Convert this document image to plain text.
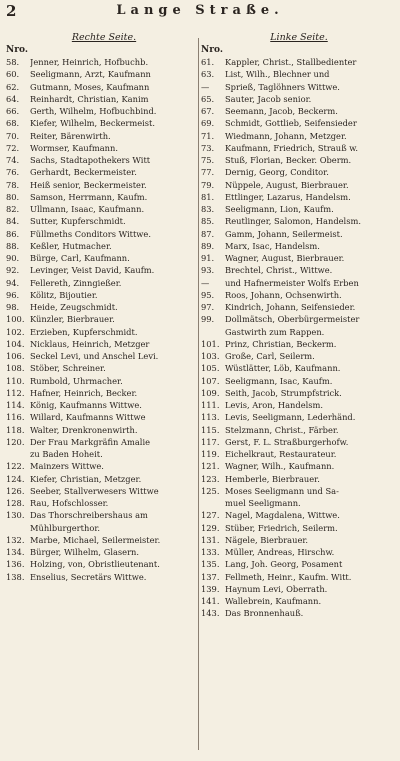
2	Lange Straße.
Rechte Seite.
Nro.
58.	Jenner, Heinrich, Hofbuchb.
60.	Seeligmann, Arzt, Kaufmann
62.	Gutmann, Moses, Kaufmann
64.	Reinhardt, Christian, Kanim
66.	Gerth, Wilhelm, Hofbuchbind.
68.	Kiefer, Wilhelm, Beckermeist.
70.	Reiter, Bärenwirth.
72.	Wormser, Kaufmann.
74.	Sachs, Stadtapothekers Witt
76.	Gerhardt, Beckermeister.
78.	Heiß senior, Beckermeister.
80.	Samson, Herrmann, Kaufm.
82.	Ullmann, Isaac, Kaufmann.
84.	Sutter, Kupferschmidt.
86.	Füllmeths Conditors Wittwe.
88.	Keßler, Hutmacher.
90.	Bürge, Carl, Kaufmann.
92.	Levinger, Veist David, Kaufm.
94.	Fellereth, Zinngießer.
96.	Kölitz, Bijoutier.
98.	Heide, Zeugschmidt.
100. Künzler, Bierbrauer.
102. Erzieben, Kupferschmidt.
104. Nicklaus, Heinrich, Metzger
106. Seckel Levi, und Anschel Levi.
108. Stöber, Schreiner.
110. Rumbold, Uhrmacher.
112. Hafner, Heinrich, Becker.
114. König, Kaufmanns Wittwe.
116. Willard, Kaufmanns Wittwe
118. Walter, Drenkronenwirth.
120. Der Frau Markgräfin Amalie
zu Baden Hoheit.
122. Mainzers Wittwe.
124. Kiefer, Christian, Metzger.
126. Seeber, Stallverwesers Wittwe
128. Rau, Hofschlosser.
130. Das Thorschreibershaus am
Mühlburgerthor.
132. Marbe, Michael, Seilermeister.
134. Bürger, Wilhelm, Glasern.
136. Holzing, von, Obristlieutenant.
138. Enselius, Secretärs Wittwe.
Linke Seite.
Nro.
61.	Kappler, Christ., Stallbedienter
63.	List, Wilh., Blechner und
—	Sprieß, Taglöhners Wittwe.
65.	Sauter, Jacob senior.
67.	Seemann, Jacob, Beckerm.
69.	Schmidt, Gottlieb, Seifensieder
71.	Wiedmann, Johann, Metzger.
73.	Kaufmann, Friedrich, Strauß w.
75.	Stuß, Florian, Becker. Oberm.
77.	Dernig, Georg, Conditor.
79.	Nüppele, August, Bierbrauer.
81.	Ettlinger, Lazarus, Handelsm.
83.	Seeligmann, Lion, Kaufm.
85.	Reutlinger, Salomon, Handelsm.
87.	Gamm, Johann, Seilermeist.
89.	Marx, Isac, Handelsm.
91.	Wagner, August, Bierbrauer.
93.	Brechtel, Christ., Wittwe.
—	und Hafnermeister Wolfs Erben
95.	Roos, Johann, Ochsenwirth.
97.	Kindrich, Johann, Seifensieder.
99.	Dollmätsch, Oberbürgermeister
Gastwirth zum Rappen.
101. Prinz, Christian, Beckerm.
103. Große, Carl, Seilerm.
105. Wüstlätter, Löb, Kaufmann.
107. Seeligmann, Isac, Kaufm.
109. Seith, Jacob, Strumpfstrick.
111. Levis, Aron, Handelsm.
113. Levis, Seeligmann, Lederhänd.
115. Stelzmann, Christ., Färber.
117. Gerst, F. L. Straßburgerhofw.
119. Eichelkraut, Restaurateur.
121. Wagner, Wilh., Kaufmann.
123. Hemberle, Bierbrauer.
125. Moses Seeligmann und Sa-
muel Seeligmann.
127. Nagel, Magdalena, Wittwe.
129. Stüber, Friedrich, Seilerm.
131. Nägele, Bierbrauer.
133. Müller, Andreas, Hirschw.
135. Lang, Joh. Georg, Posament
137. Fellmeth, Heinr., Kaufm. Witt.
139. Haynum Levi, Oberrath.
141. Wallebrein, Kaufmann.
143. Das Bronnenhauß.
